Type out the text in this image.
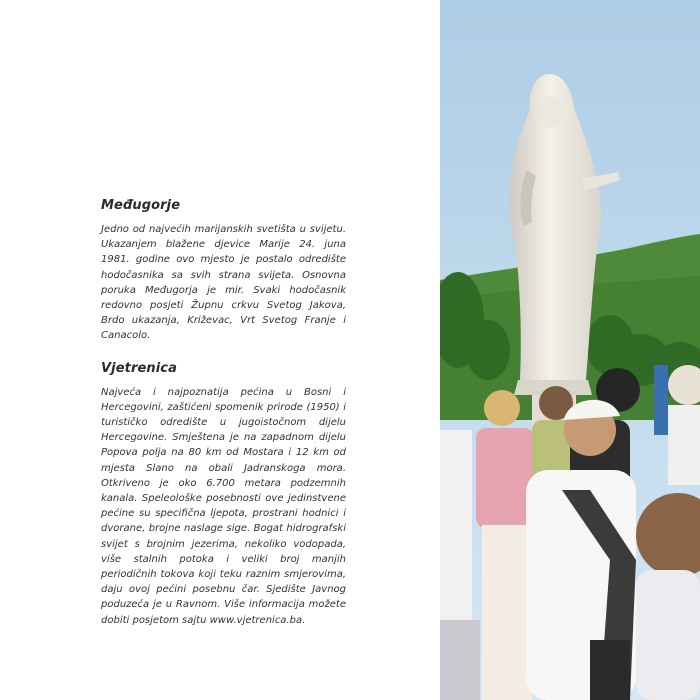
Međugorje

Jedno od najvećih marijanskih svetišta u svijetu. Ukazanjem blažene djevice Marije 24. juna 1981. godine ovo mjesto je postalo odredište hodočasnika sa svih strana svijeta. Osnovna poruka Međugorja je mir. Svaki hodočasnik redovno posjeti Župnu crkvu Svetog Jakova, Brdo ukazanja, Križevac, Vrt Svetog Franje i Canacolo.

Vjetrenica

Najveća i najpoznatija pećina u Bosni i Hercegovini, zaštićeni spomenik prirode (1950) i turističko odredište u jugoistočnom dijelu Hercegovine. Smještena je na zapadnom dijelu Popova polja na 80 km od Mostara i 12 km od mjesta Slano na obali Jadranskoga mora. Otkriveno je oko 6.700 metara podzemnih kanala. Speleološke posebnosti ove jedinstvene pećine su specifična ljepota, prostrani hodnici i dvorane, brojne naslage sige. Bogat hidrografski svijet s brojnim jezerima, nekoliko vodopada, više stalnih potoka i veliki broj manjih periodičnih tokova koji teku raznim smjerovima, daju ovoj pećini posebnu čar. Sjedište Javnog poduzeća je u Ravnom. Više informacija možete dobiti posjetom sajtu www.vjetrenica.ba.
